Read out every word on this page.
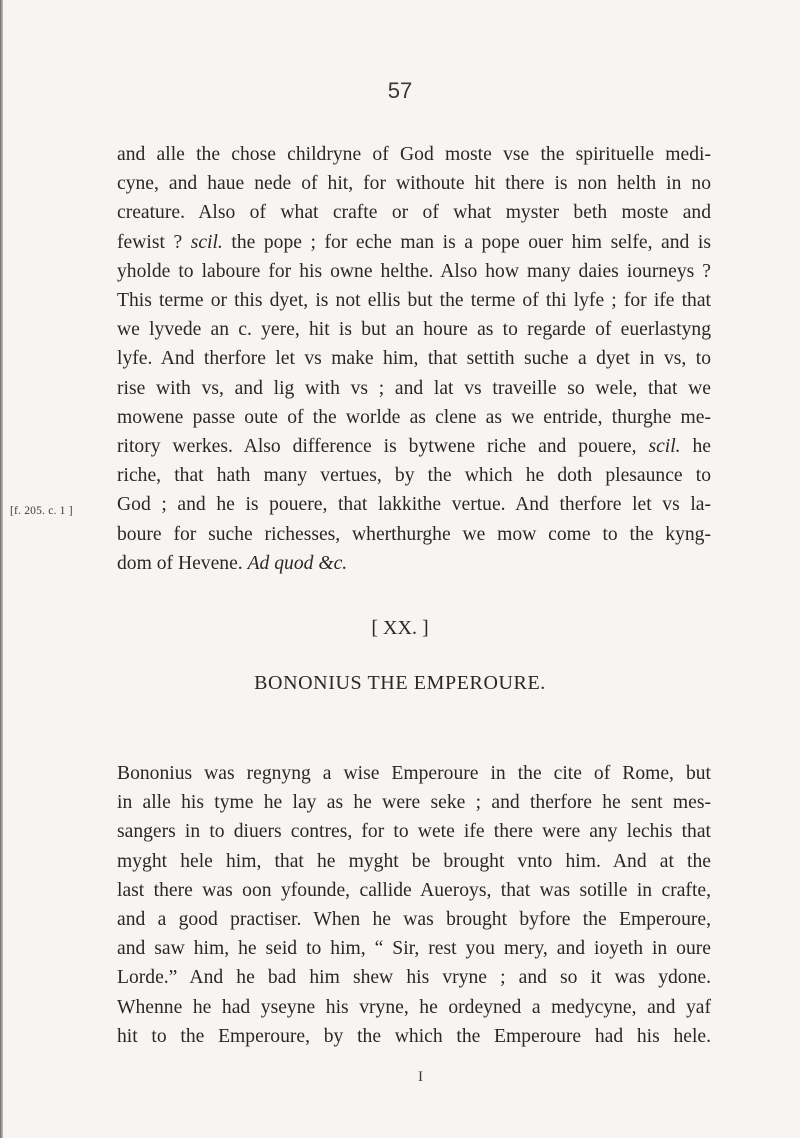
57

and alle the chose childryne of God moste vse the spirituelle medi-
cyne, and haue nede of hit, for withoute hit there is non helth in no
creature. Also of what crafte or of what myster beth moste and
fewist ? scil. the pope ; for eche man is a pope ouer him selfe, and is
yholde to laboure for his owne helthe. Also how many daies iourneys ?
This terme or this dyet, is not ellis but the terme of thi lyfe ; for ife that
we lyvede an c. yere, hit is but an houre as to regarde of euerlastyng
lyfe. And therfore let vs make him, that settith suche a dyet in vs, to
rise with vs, and lig with vs ; and lat vs traveille so wele, that we
mowene passe oute of the worlde as clene as we entride, thurghe me-
ritory werkes. Also difference is bytwene riche and pouere, scil. he
riche, that hath many vertues, by the which he doth plesaunce to
God ; and he is pouere, that lakkithe vertue. And therfore let vs la-
boure for suche richesses, wherthurghe we mow come to the kyng-
dom of Hevene. Ad quod &c.

[f. 205. c. 1 ]
[ XX. ]
BONONIUS THE EMPEROURE.

Bononius was regnyng a wise Emperoure in the cite of Rome, but
in alle his tyme he lay as he were seke ; and therfore he sent mes-
sangers in to diuers contres, for to wete ife there were any lechis that
myght hele him, that he myght be brought vnto him. And at the
last there was oon yfounde, callide Aueroys, that was sotille in crafte,
and a good practiser. When he was brought byfore the Emperoure,
and saw him, he seid to him, “ Sir, rest you mery, and ioyeth in oure
Lorde.” And he bad him shew his vryne ; and so it was ydone.
Whenne he had yseyne his vryne, he ordeyned a medycyne, and yaf
hit to the Emperoure, by the which the Emperoure had his hele.

I
